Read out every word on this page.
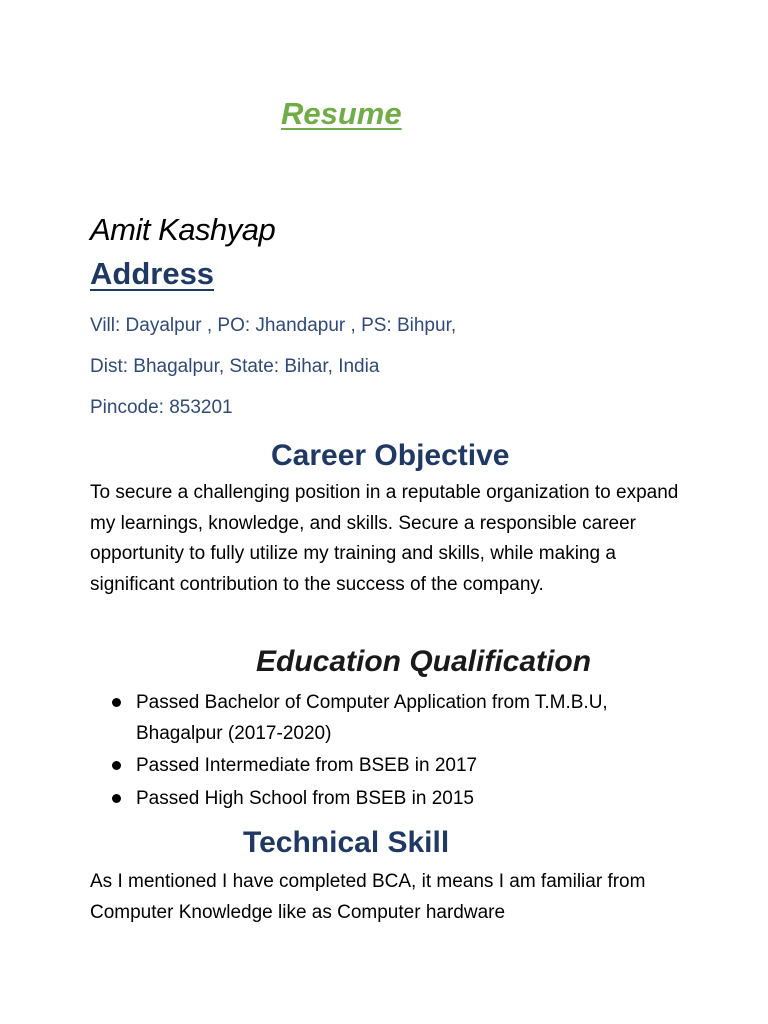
Resume
Amit Kashyap
Address
Vill: Dayalpur , PO: Jhandapur , PS: Bihpur,
Dist: Bhagalpur, State: Bihar, India
Pincode: 853201
Career Objective

To secure a challenging position in a reputable organization to expand my learnings, knowledge, and skills. Secure a responsible career opportunity to fully utilize my training and skills, while making a significant contribution to the success of the company.

Education Qualification
Passed Bachelor of Computer Application from T.M.B.U, Bhagalpur (2017-2020)
Passed Intermediate from BSEB in 2017
Passed High School from BSEB in 2015
Technical Skill

As I mentioned I have completed BCA, it means I am familiar from Computer Knowledge like as Computer hardware
